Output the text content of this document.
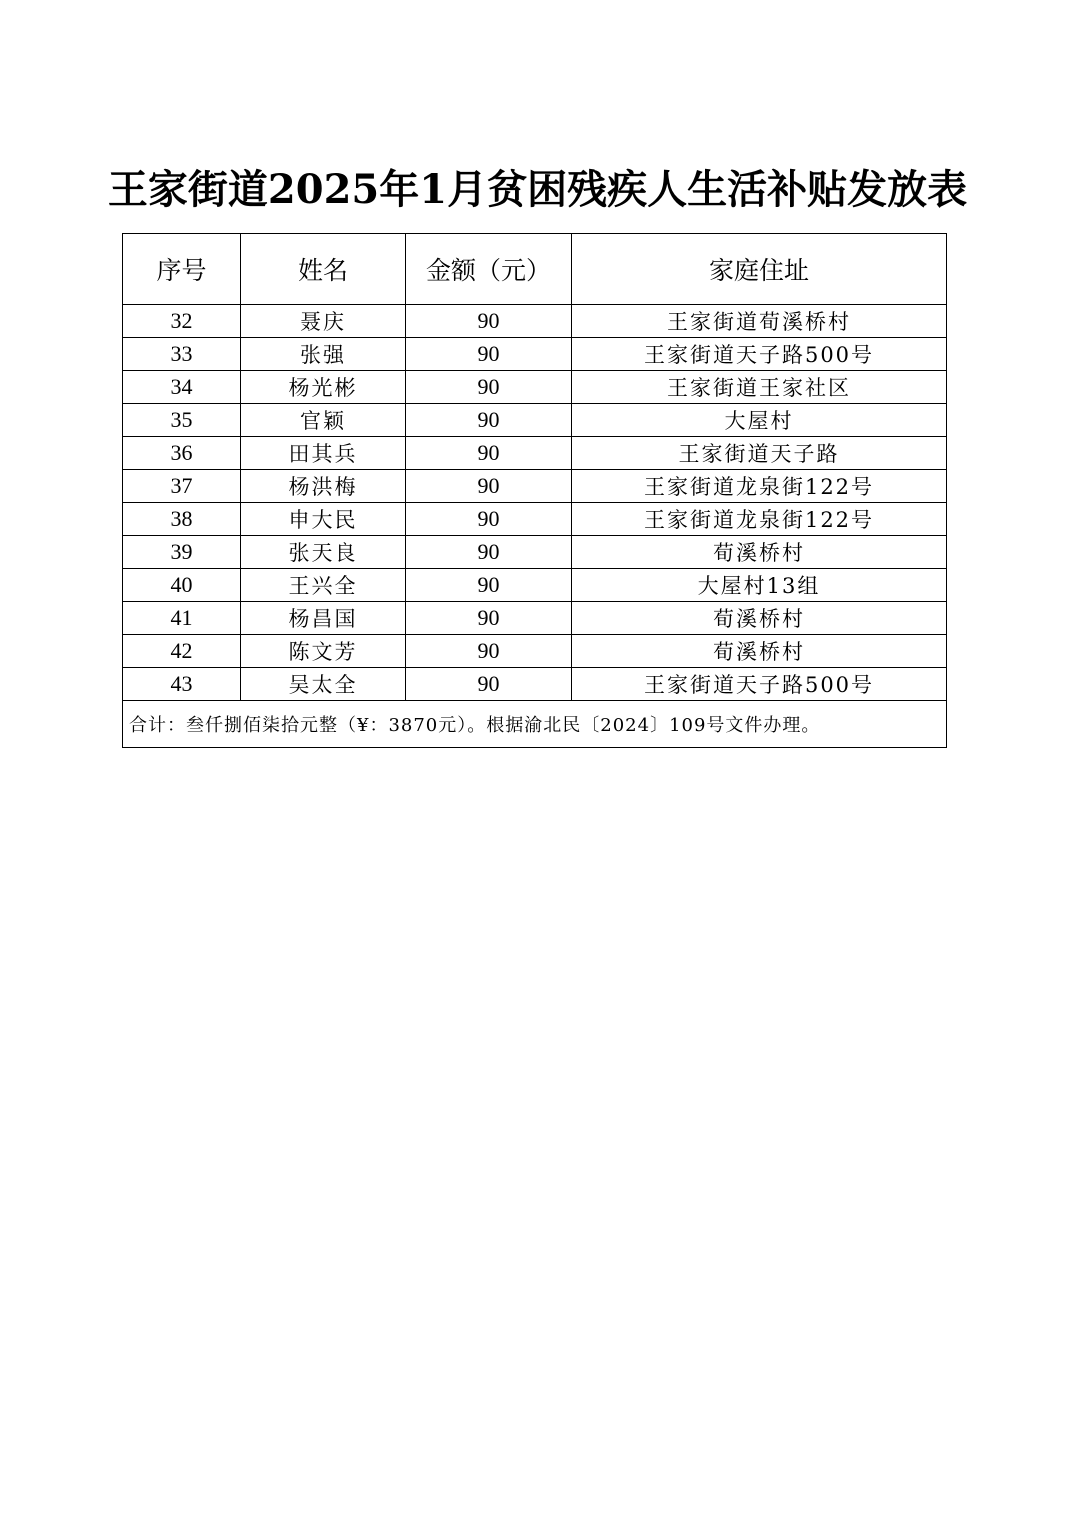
王家街道2025年1月贫困残疾人生活补贴发放表
序号	姓名	金额（元）	家庭住址
32	聂庆	90	王家街道荀溪桥村
33	张强	90	王家街道天子路500号
34	杨光彬	90	王家街道王家社区
35	官颖	90	大屋村
36	田其兵	90	王家街道天子路
37	杨洪梅	90	王家街道龙泉街122号
38	申大民	90	王家街道龙泉街122号
39	张天良	90	荀溪桥村
40	王兴全	90	大屋村13组
41	杨昌国	90	荀溪桥村
42	陈文芳	90	荀溪桥村
43	吴太全	90	王家街道天子路500号
合计：叁仟捌佰柒拾元整（¥：3870元）。根据渝北民〔2024〕109号文件办理。			
